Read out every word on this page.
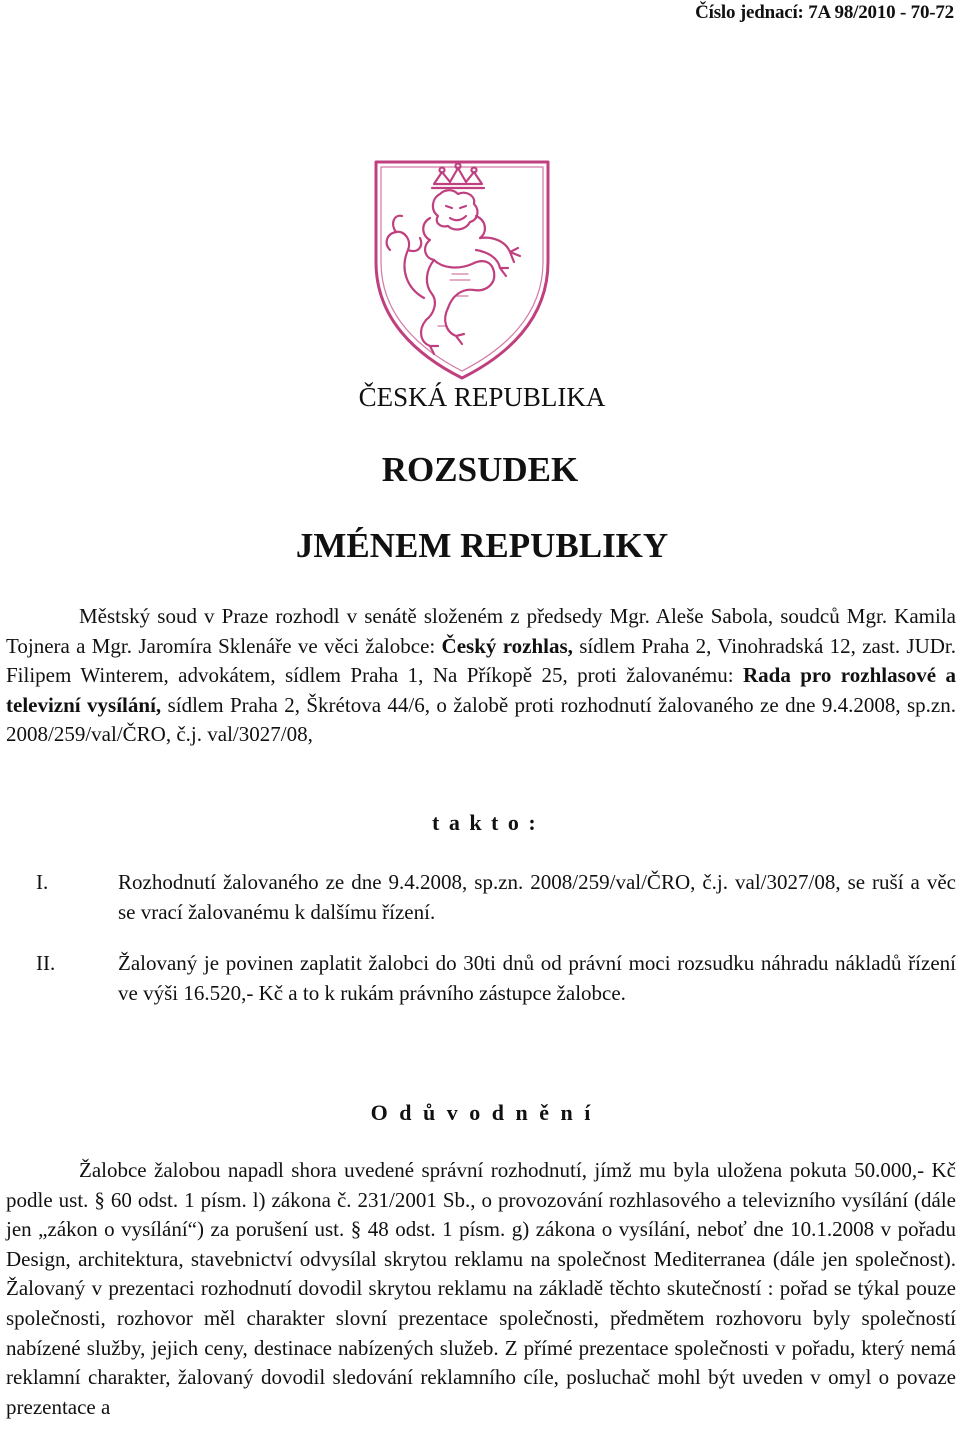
Číslo jednací: 7A 98/2010 - 70-72
ČESKÁ REPUBLIKA
ROZSUDEK
JMÉNEM REPUBLIKY
Městský soud v Praze rozhodl v senátě složeném z předsedy Mgr. Aleše Sabola, soudců Mgr. Kamila Tojnera a Mgr. Jaromíra Sklenáře ve věci žalobce: Český rozhlas, sídlem Praha 2, Vinohradská 12, zast. JUDr. Filipem Winterem, advokátem, sídlem Praha 1, Na Příkopě 25, proti žalovanému: Rada pro rozhlasové a televizní vysílání, sídlem Praha 2, Škrétova 44/6, o žalobě proti rozhodnutí žalovaného ze dne 9.4.2008, sp.zn. 2008/259/val/ČRO, č.j. val/3027/08,
t a k t o :
I.	Rozhodnutí žalovaného ze dne 9.4.2008, sp.zn. 2008/259/val/ČRO, č.j. val/3027/08, se ruší a věc se vrací žalovanému k dalšímu řízení.
II.	Žalovaný je povinen zaplatit žalobci do 30ti dnů od právní moci rozsudku náhradu nákladů řízení ve výši 16.520,- Kč a to k rukám právního zástupce žalobce.
O d ů v o d n ě n í
Žalobce žalobou napadl shora uvedené správní rozhodnutí, jímž mu byla uložena pokuta 50.000,- Kč podle ust. § 60 odst. 1 písm. l) zákona č. 231/2001 Sb., o provozování rozhlasového a televizního vysílání (dále jen „zákon o vysílání“) za porušení ust. § 48 odst. 1 písm. g) zákona o vysílání, neboť dne 10.1.2008 v pořadu Design, architektura, stavebnictví odvysílal skrytou reklamu na společnost Mediterranea (dále jen společnost). Žalovaný v prezentaci rozhodnutí dovodil skrytou reklamu na základě těchto skutečností : pořad se týkal pouze společnosti, rozhovor měl charakter slovní prezentace společnosti, předmětem rozhovoru byly společností nabízené služby, jejich ceny, destinace nabízených služeb. Z přímé prezentace společnosti v pořadu, který nemá reklamní charakter, žalovaný dovodil sledování reklamního cíle, posluchač mohl být uveden v omyl o povaze prezentace a
